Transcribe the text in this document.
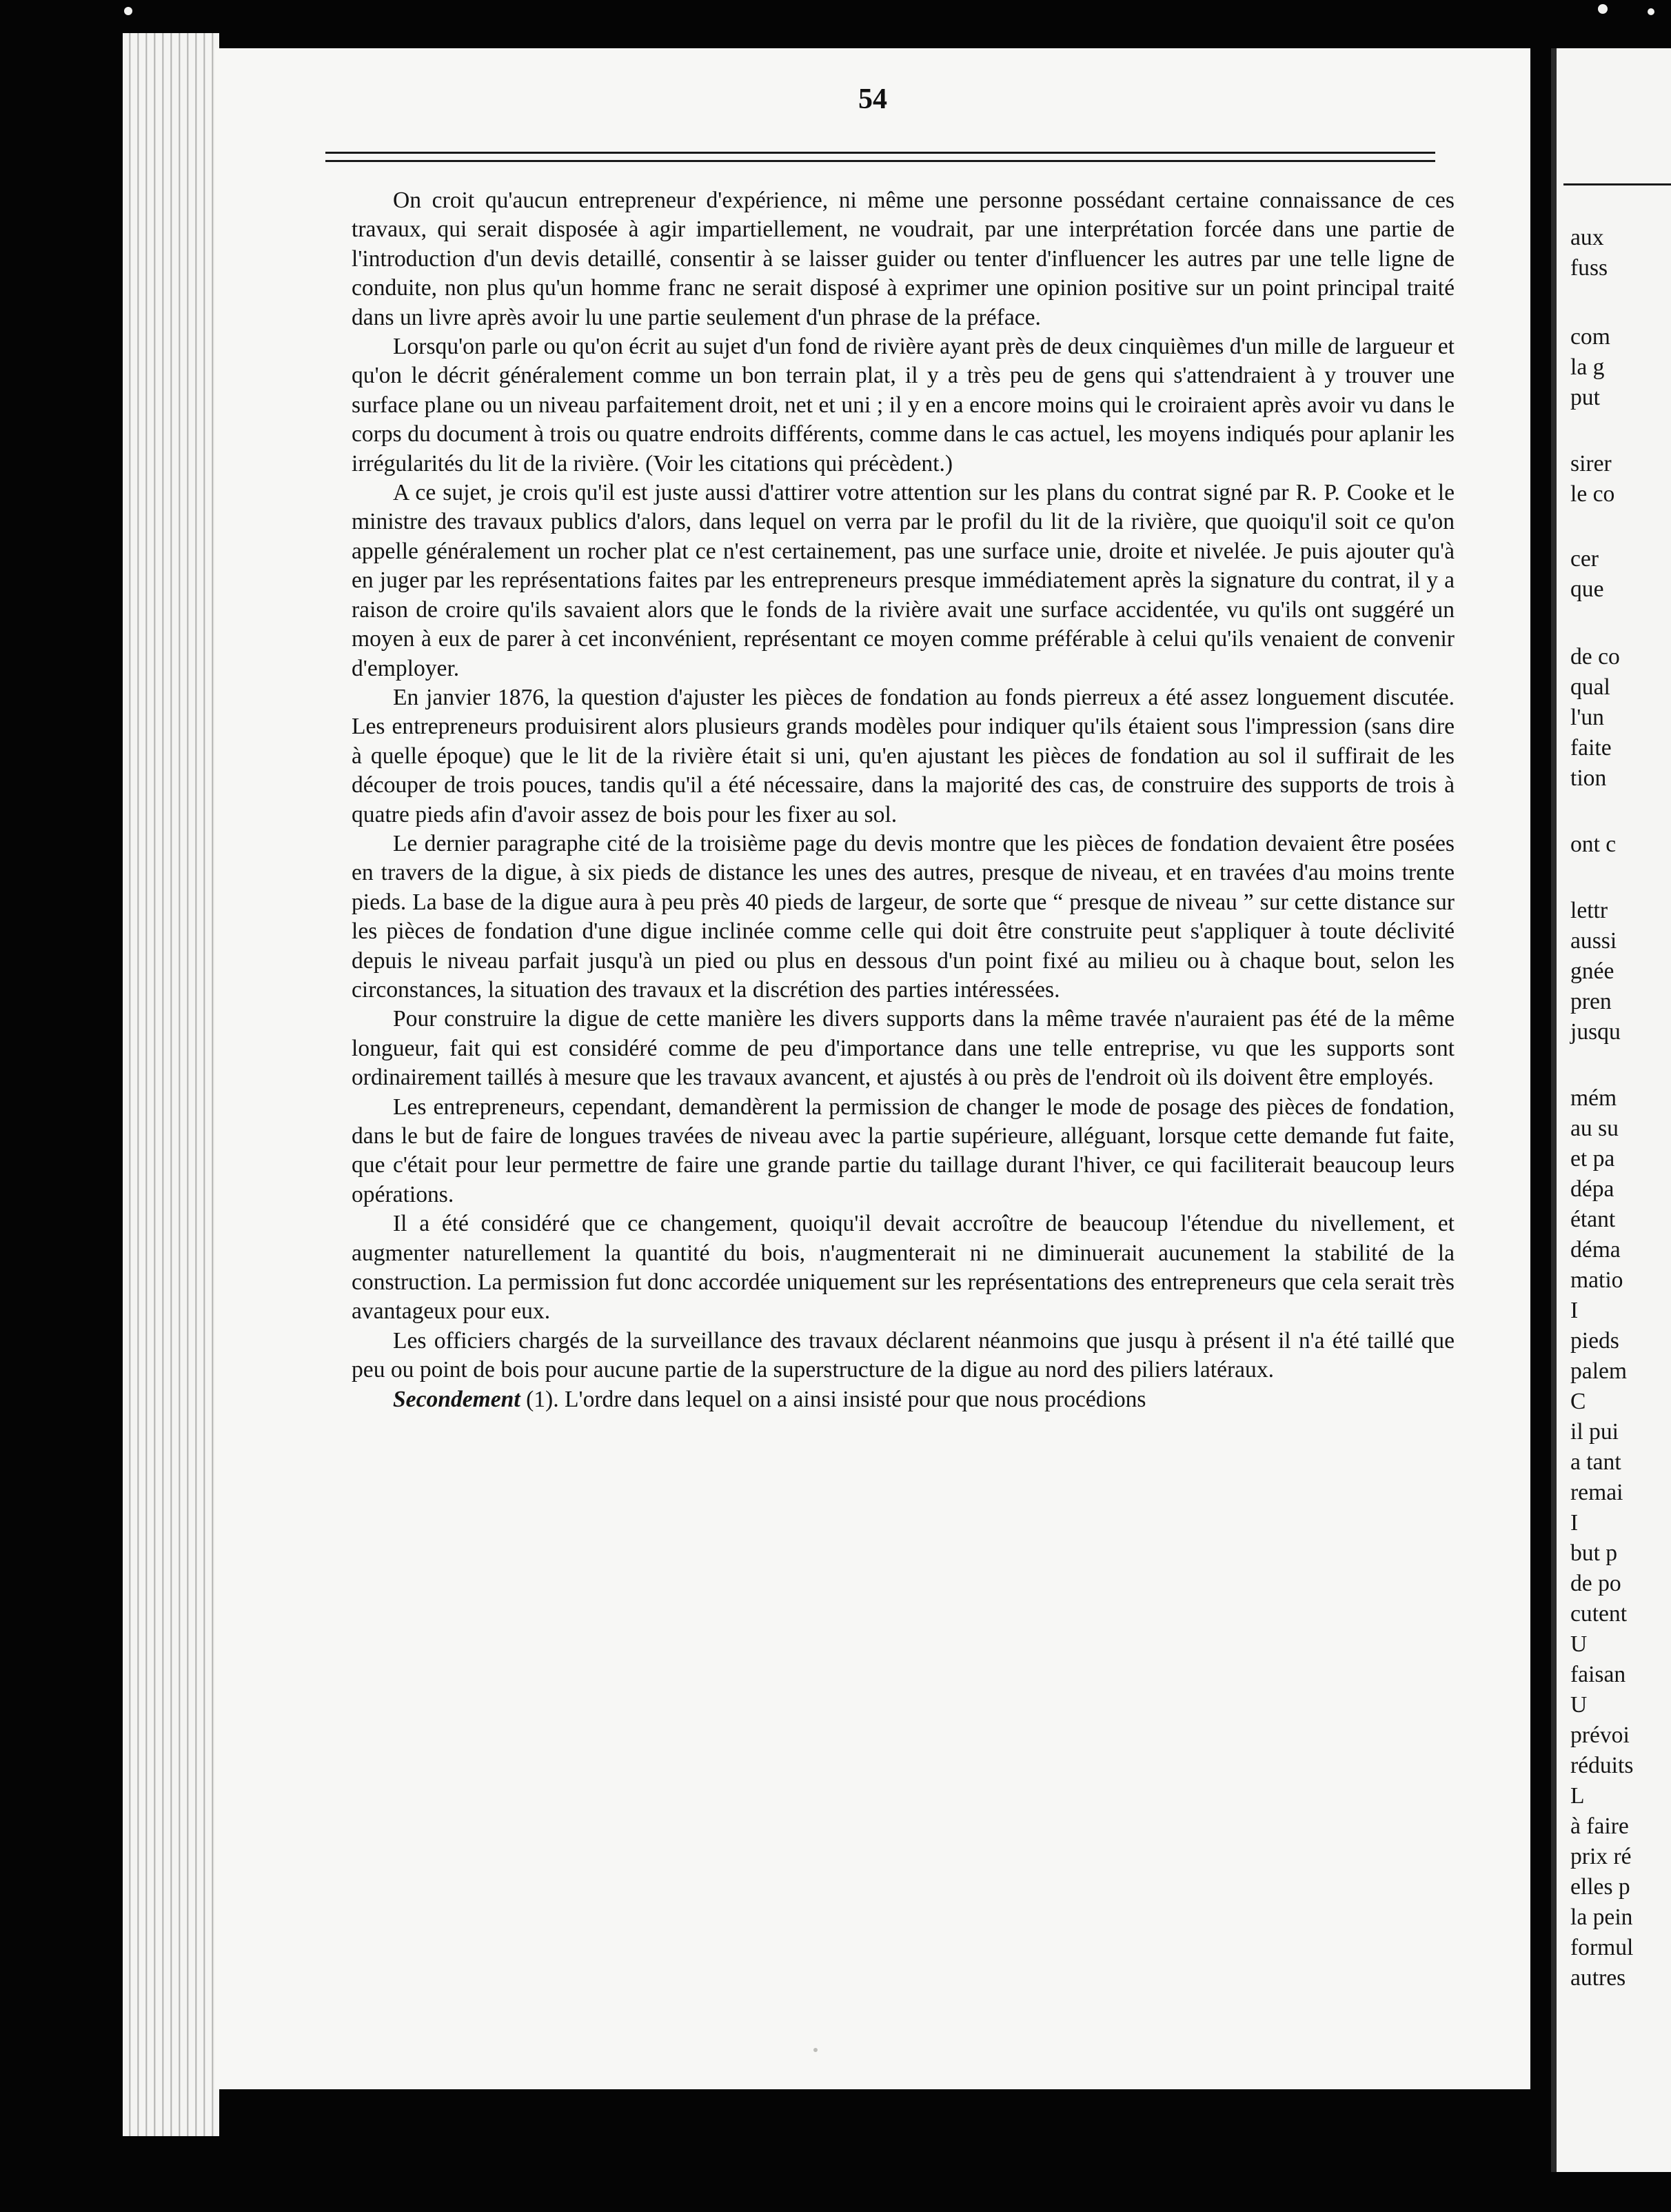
54

On croit qu'aucun entrepreneur d'expérience, ni même une personne possédant certaine connaissance de ces travaux, qui serait disposée à agir impartiellement, ne voudrait, par une interprétation forcée dans une partie de l'introduction d'un devis detaillé, consentir à se laisser guider ou tenter d'influencer les autres par une telle ligne de conduite, non plus qu'un homme franc ne serait disposé à exprimer une opinion positive sur un point principal traité dans un livre après avoir lu une partie seulement d'un phrase de la préface.

Lorsqu'on parle ou qu'on écrit au sujet d'un fond de rivière ayant près de deux cinquièmes d'un mille de largueur et qu'on le décrit généralement comme un bon terrain plat, il y a très peu de gens qui s'attendraient à y trouver une surface plane ou un niveau parfaitement droit, net et uni ; il y en a encore moins qui le croiraient après avoir vu dans le corps du document à trois ou quatre endroits différents, comme dans le cas actuel, les moyens indiqués pour aplanir les irrégularités du lit de la rivière. (Voir les citations qui précèdent.)

A ce sujet, je crois qu'il est juste aussi d'attirer votre attention sur les plans du contrat signé par R. P. Cooke et le ministre des travaux publics d'alors, dans lequel on verra par le profil du lit de la rivière, que quoiqu'il soit ce qu'on appelle généralement un rocher plat ce n'est certainement, pas une surface unie, droite et nivelée. Je puis ajouter qu'à en juger par les représentations faites par les entrepreneurs presque immédiatement après la signature du contrat, il y a raison de croire qu'ils savaient alors que le fonds de la rivière avait une surface accidentée, vu qu'ils ont suggéré un moyen à eux de parer à cet inconvénient, représentant ce moyen comme préférable à celui qu'ils venaient de convenir d'employer.

En janvier 1876, la question d'ajuster les pièces de fondation au fonds pierreux a été assez longuement discutée. Les entrepreneurs produisirent alors plusieurs grands modèles pour indiquer qu'ils étaient sous l'impression (sans dire à quelle époque) que le lit de la rivière était si uni, qu'en ajustant les pièces de fondation au sol il suffirait de les découper de trois pouces, tandis qu'il a été nécessaire, dans la majorité des cas, de construire des supports de trois à quatre pieds afin d'avoir assez de bois pour les fixer au sol.

Le dernier paragraphe cité de la troisième page du devis montre que les pièces de fondation devaient être posées en travers de la digue, à six pieds de distance les unes des autres, presque de niveau, et en travées d'au moins trente pieds. La base de la digue aura à peu près 40 pieds de largeur, de sorte que “ presque de niveau ” sur cette distance sur les pièces de fondation d'une digue inclinée comme celle qui doit être construite peut s'appliquer à toute déclivité depuis le niveau parfait jusqu'à un pied ou plus en dessous d'un point fixé au milieu ou à chaque bout, selon les circonstances, la situation des travaux et la discrétion des parties intéressées.

Pour construire la digue de cette manière les divers supports dans la même travée n'auraient pas été de la même longueur, fait qui est considéré comme de peu d'importance dans une telle entreprise, vu que les supports sont ordinairement taillés à mesure que les travaux avancent, et ajustés à ou près de l'endroit où ils doivent être employés.

Les entrepreneurs, cependant, demandèrent la permission de changer le mode de posage des pièces de fondation, dans le but de faire de longues travées de niveau avec la partie supérieure, alléguant, lorsque cette demande fut faite, que c'était pour leur permettre de faire une grande partie du taillage durant l'hiver, ce qui faciliterait beaucoup leurs opérations.

Il a été considéré que ce changement, quoiqu'il devait accroître de beaucoup l'étendue du nivellement, et augmenter naturellement la quantité du bois, n'augmenterait ni ne diminuerait aucunement la stabilité de la construction. La permission fut donc accordée uniquement sur les représentations des entrepreneurs que cela serait très avantageux pour eux.

Les officiers chargés de la surveillance des travaux déclarent néanmoins que jusqu à présent il n'a été taillé que peu ou point de bois pour aucune partie de la superstructure de la digue au nord des piliers latéraux.

Secondement (1). L'ordre dans lequel on a ainsi insisté pour que nous procédions

aux
fuss
com
la g
put
sirer
le co
cer
que
de co
qual
l'un
faite
tion
ont c
lettr
aussi
gnée
pren
jusqu
mém
au su
et pa
dépa
étant
déma
matio
I
pieds
palem
C
il pui
a tant
remai
I
but p
de po
cutent
U
faisan
U
prévoi
réduits
L
à faire
prix ré
elles p
la pein
formul
autres
